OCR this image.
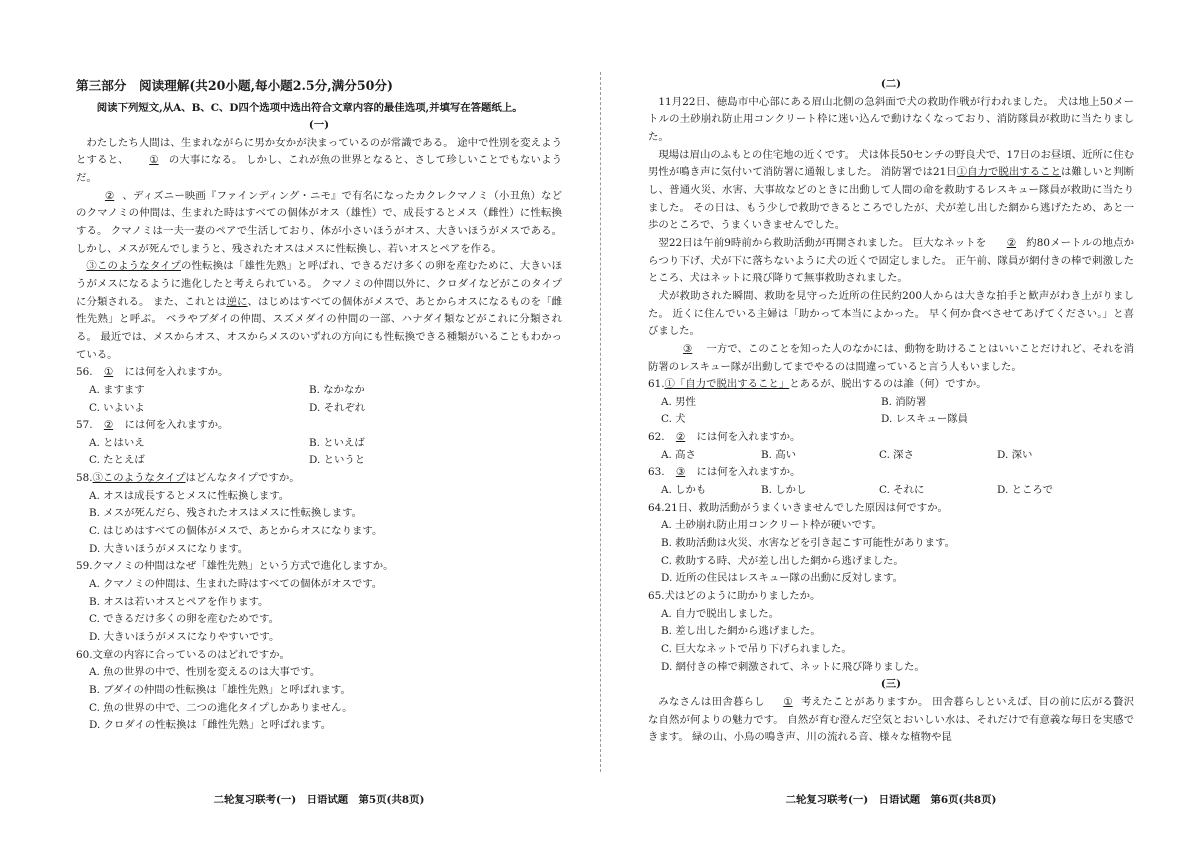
第三部分　阅读理解(共20小题,每小题2.5分,满分50分)

阅读下列短文,从A、B、C、D四个选项中选出符合文章内容的最佳选项,并填写在答题纸上。

(一)

わたしたち人間は、生まれながらに男か女かが決まっているのが常識である。 途中で性別を変えようとすると、 ① の大事になる。 しかし、これが魚の世界となると、さして珍しいことでもないようだ。

② 、ディズニー映画『ファインディング・ニモ』で有名になったカクレクマノミ（小丑魚）などのクマノミの仲間は、生まれた時はすべての個体がオス（雄性）で、成長するとメス（雌性）に性転換する。 クマノミは一夫一妻のペアで生活しており、体が小さいほうがオス、大きいほうがメスである。 しかし、メスが死んでしまうと、残されたオスはメスに性転換し、若いオスとペアを作る。

③このようなタイプの性転換は「雄性先熟」と呼ばれ、できるだけ多くの卵を産むために、大きいほうがメスになるように進化したと考えられている。 クマノミの仲間以外に、クロダイなどがこのタイプに分類される。 また、これとは逆に、はじめはすべての個体がメスで、あとからオスになるものを「雌性先熟」と呼ぶ。 ベラやブダイの仲間、スズメダイの仲間の一部、ハナダイ類などがこれに分類される。 最近では、メスからオス、オスからメスのいずれの方向にも性転換できる種類がいることもわかっている。

56. ① には何を入れますか。

A. ますます	B. なかなか
C. いよいよ	D. それぞれ

57. ② には何を入れますか。

A. とはいえ	B. といえば
C. たとえば	D. というと

58.③このようなタイプはどんなタイプですか。

A. オスは成長するとメスに性転換します。
B. メスが死んだら、残されたオスはメスに性転換します。
C. はじめはすべての個体がメスで、あとからオスになります。
D. 大きいほうがメスになります。

59.クマノミの仲間はなぜ「雄性先熟」という方式で進化しますか。

A. クマノミの仲間は、生まれた時はすべての個体がオスです。
B. オスは若いオスとペアを作ります。
C. できるだけ多くの卵を産むためです。
D. 大きいほうがメスになりやすいです。

60.文章の内容に合っているのはどれですか。

A. 魚の世界の中で、性別を変えるのは大事です。
B. ブダイの仲間の性転換は「雄性先熟」と呼ばれます。
C. 魚の世界の中で、二つの進化タイプしかありません。
D. クロダイの性転換は「雌性先熟」と呼ばれます。

(二)

11月22日、徳島市中心部にある眉山北側の急斜面で犬の救助作戦が行われました。 犬は地上50メートルの土砂崩れ防止用コンクリート枠に迷い込んで動けなくなっており、消防隊員が救助に当たりました。

現場は眉山のふもとの住宅地の近くです。 犬は体長50センチの野良犬で、17日のお昼頃、近所に住む男性が鳴き声に気付いて消防署に通報しました。 消防署では21日①自力で脱出することは難しいと判断し、普通火災、水害、大事故などのときに出動して人間の命を救助するレスキュー隊員が救助に当たりました。 その日は、もう少しで救助できるところでしたが、犬が差し出した網から逃げたため、あと一歩のところで、うまくいきませんでした。

翌22日は午前9時前から救助活動が再開されました。 巨大なネットを ② 約80メートルの地点からつり下げ、犬が下に落ちないように犬の近くで固定しました。 正午前、隊員が網付きの棒で刺激したところ、犬はネットに飛び降りて無事救助されました。

犬が救助された瞬間、救助を見守った近所の住民約200人からは大きな拍手と歓声がわき上がりました。 近くに住んでいる主婦は「助かって本当によかった。 早く何か食べさせてあげてください。」と喜びました。

③ 一方で、このことを知った人のなかには、動物を助けることはいいことだけれど、それを消防署のレスキュー隊が出動してまでやるのは間違っていると言う人もいました。

61.①「自力で脱出すること」とあるが、脱出するのは誰（何）ですか。

A. 男性	B. 消防署
C. 犬	D. レスキュー隊員

62. ② には何を入れますか。

A. 高さ	B. 高い	C. 深さ	D. 深い

63. ③ には何を入れますか。

A. しかも	B. しかし	C. それに	D. ところで

64.21日、救助活動がうまくいきませんでした原因は何ですか。

A. 土砂崩れ防止用コンクリート枠が硬いです。
B. 救助活動は火災、水害などを引き起こす可能性があります。
C. 救助する時、犬が差し出した網から逃げました。
D. 近所の住民はレスキュー隊の出動に反対します。

65.犬はどのように助かりましたか。

A. 自力で脱出しました。
B. 差し出した網から逃げました。
C. 巨大なネットで吊り下げられました。
D. 網付きの棒で刺激されて、ネットに飛び降りました。

(三)

みなさんは田舎暮らし ① 考えたことがありますか。 田舎暮らしといえば、目の前に広がる贅沢な自然が何よりの魅力です。 自然が育む澄んだ空気とおいしい水は、それだけで有意義な毎日を実感できます。 緑の山、小鳥の鳴き声、川の流れる音、様々な植物や昆

二轮复习联考(一)　日语试题　第5页(共8页)	二轮复习联考(一)　日语试题　第6页(共8页)
